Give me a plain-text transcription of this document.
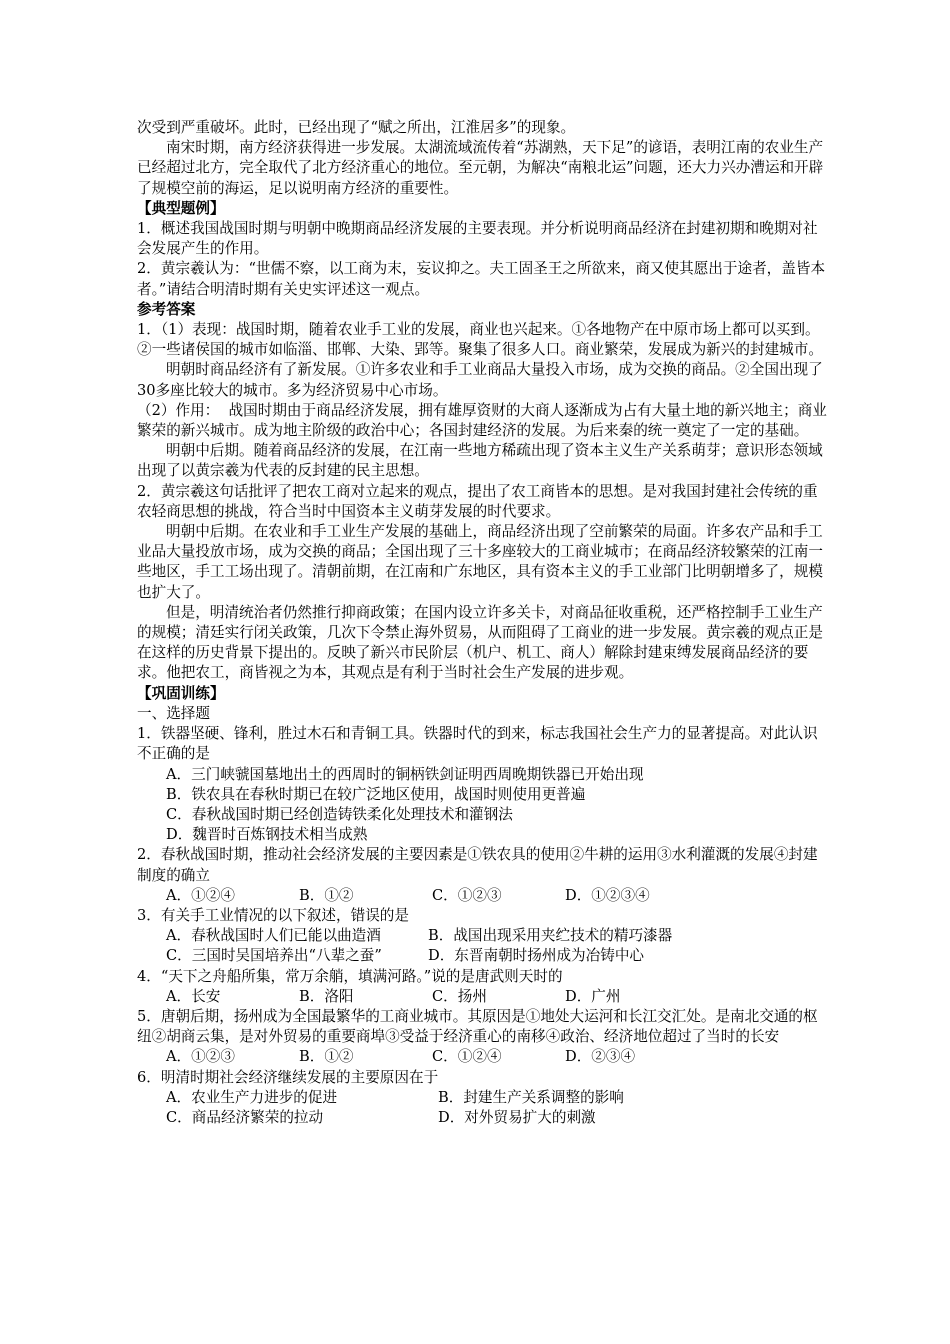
次受到严重破坏。此时，已经出现了“赋之所出，江淮居多”的现象。

南宋时期，南方经济获得进一步发展。太湖流域流传着“苏湖熟，天下足”的谚语，表明江南的农业生产已经超过北方，完全取代了北方经济重心的地位。至元朝，为解决“南粮北运”问题，还大力兴办漕运和开辟了规模空前的海运，足以说明南方经济的重要性。

【典型题例】

1．概述我国战国时期与明朝中晚期商品经济发展的主要表现。并分析说明商品经济在封建初期和晚期对社会发展产生的作用。

2．黄宗羲认为：“世儒不察，以工商为末，妄议抑之。夫工固圣王之所欲来，商又使其愿出于途者，盖皆本者。”请结合明清时期有关史实评述这一观点。

参考答案

1．（1）表现：战国时期，随着农业手工业的发展，商业也兴起来。①各地物产在中原市场上都可以买到。②一些诸侯国的城市如临淄、邯郸、大染、郢等。聚集了很多人口。商业繁荣，发展成为新兴的封建城市。

明朝时商品经济有了新发展。①许多农业和手工业商品大量投入市场，成为交换的商品。②全国出现了30多座比较大的城市。多为经济贸易中心市场。

（2）作用：  战国时期由于商品经济发展，拥有雄厚资财的大商人逐渐成为占有大量土地的新兴地主；商业繁荣的新兴城市。成为地主阶级的政治中心；各国封建经济的发展。为后来秦的统一奠定了一定的基础。

明朝中后期。随着商品经济的发展，在江南一些地方稀疏出现了资本主义生产关系萌芽；意识形态领域出现了以黄宗羲为代表的反封建的民主思想。

2．黄宗羲这句话批评了把农工商对立起来的观点，提出了农工商皆本的思想。是对我国封建社会传统的重农轻商思想的挑战，符合当时中国资本主义萌芽发展的时代要求。

明朝中后期。在农业和手工业生产发展的基础上，商品经济出现了空前繁荣的局面。许多农产品和手工业品大量投放市场，成为交换的商品；全国出现了三十多座较大的工商业城市；在商品经济较繁荣的江南一些地区，手工工场出现了。清朝前期，在江南和广东地区，具有资本主义的手工业部门比明朝增多了，规模也扩大了。

但是，明清统治者仍然推行抑商政策；在国内设立许多关卡，对商品征收重税，还严格控制手工业生产的规模；清廷实行闭关政策，几次下令禁止海外贸易，从而阻碍了工商业的进一步发展。黄宗羲的观点正是在这样的历史背景下提出的。反映了新兴市民阶层（机户、机工、商人）解除封建束缚发展商品经济的要求。他把农工，商皆视之为本，其观点是有利于当时社会生产发展的进步观。

【巩固训练】

一、选择题

1．铁器坚硬、锋利，胜过木石和青铜工具。铁器时代的到来，标志我国社会生产力的显著提高。对此认识不正确的是

A．三门峡虢国墓地出土的西周时的铜柄铁剑证明西周晚期铁器已开始出现

B．铁农具在春秋时期已在较广泛地区使用，战国时则使用更普遍

C．春秋战国时期已经创造铸铁柔化处理技术和灌钢法

D．魏晋时百炼钢技术相当成熟

2．春秋战国时期，推动社会经济发展的主要因素是①铁农具的使用②牛耕的运用③水利灌溉的发展④封建制度的确立

A．①②④	B．①②	C．①②③	D．①②③④

3．有关手工业情况的以下叙述，错误的是

A．春秋战国时人们已能以曲造酒	B．战国出现采用夹纻技术的精巧漆器

C．三国时吴国培养出“八辈之蚕”	D．东晋南朝时扬州成为冶铸中心

4．“天下之舟船所集，常万余艄，填满河路。”说的是唐武则天时的

A．长安	B．洛阳	C．扬州	D．广州

5．唐朝后期，扬州成为全国最繁华的工商业城市。其原因是①地处大运河和长江交汇处。是南北交通的枢纽②胡商云集，是对外贸易的重要商埠③受益于经济重心的南移④政治、经济地位超过了当时的长安

A．①②③	B．①②	C．①②④	D．②③④

6．明清时期社会经济继续发展的主要原因在于

A．农业生产力进步的促进	B．封建生产关系调整的影响

C．商品经济繁荣的拉动	D．对外贸易扩大的刺激
